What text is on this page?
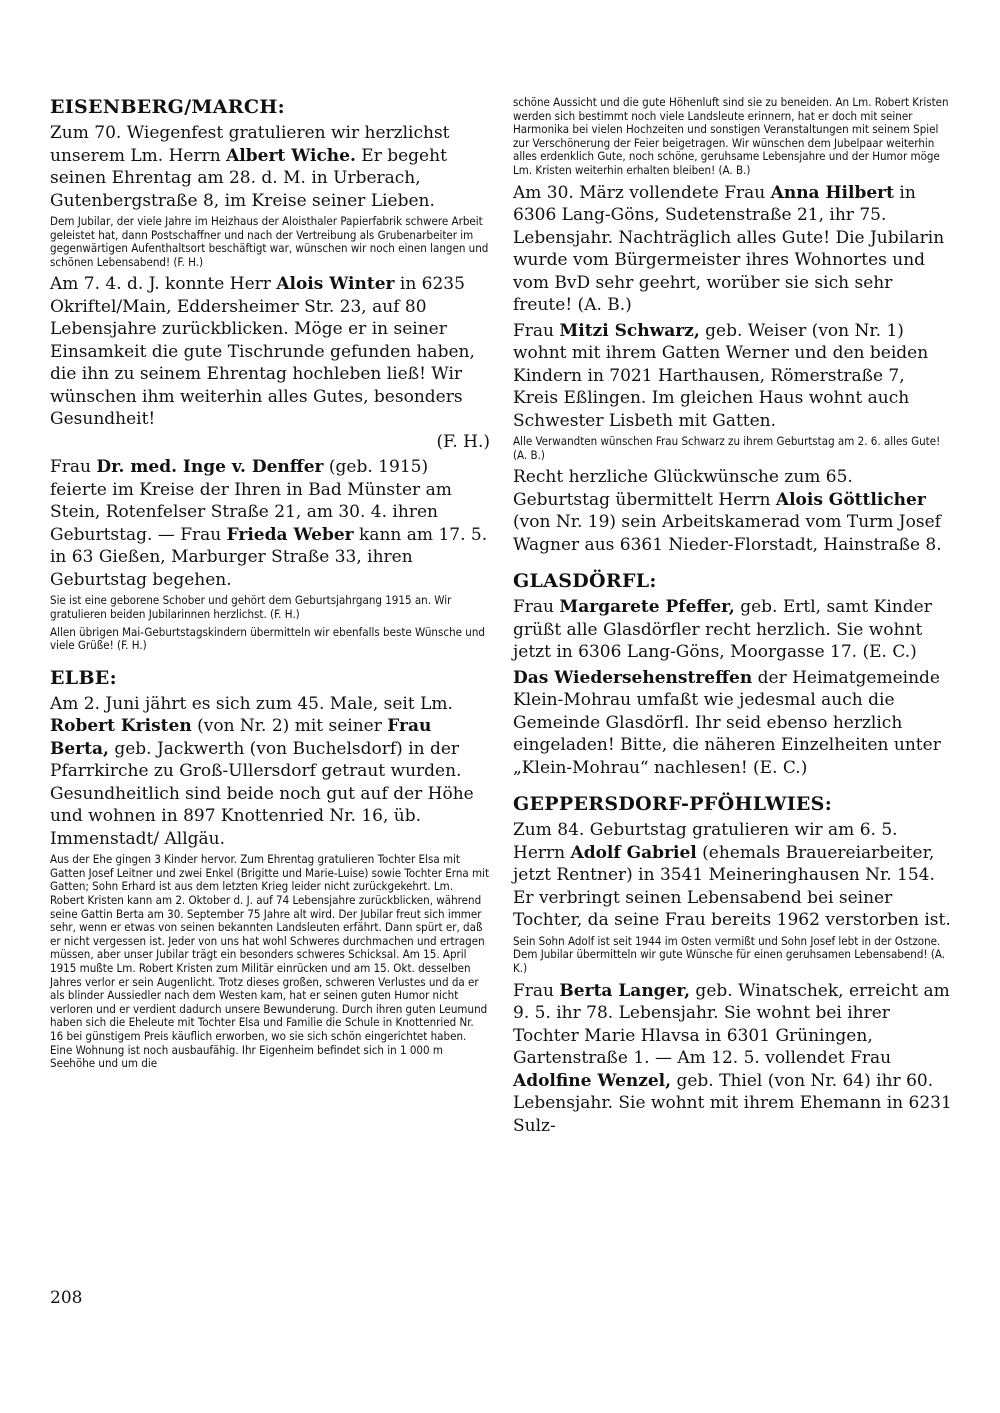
EISENBERG/MARCH:

Zum 70. Wiegenfest gratulieren wir herzlichst unserem Lm. Herrn Albert Wiche. Er begeht seinen Ehrentag am 28. d. M. in Urberach, Gutenbergstraße 8, im Kreise seiner Lieben.

Dem Jubilar, der viele Jahre im Heizhaus der Aloisthaler Papierfabrik schwere Arbeit geleistet hat, dann Postschaffner und nach der Vertreibung als Grubenarbeiter im gegenwärtigen Aufenthaltsort beschäftigt war, wünschen wir noch einen langen und schönen Lebensabend! (F. H.)

Am 7. 4. d. J. konnte Herr Alois Winter in 6235 Okriftel/Main, Eddersheimer Str. 23, auf 80 Lebensjahre zurückblicken. Möge er in seiner Einsamkeit die gute Tischrunde gefunden haben, die ihn zu seinem Ehrentag hochleben ließ! Wir wünschen ihm weiterhin alles Gutes, besonders Gesundheit!
(F. H.)

Frau Dr. med. Inge v. Denffer (geb. 1915) feierte im Kreise der Ihren in Bad Münster am Stein, Rotenfelser Straße 21, am 30. 4. ihren Geburtstag. — Frau Frieda Weber kann am 17. 5. in 63 Gießen, Marburger Straße 33, ihren Geburtstag begehen.

Sie ist eine geborene Schober und gehört dem Geburtsjahrgang 1915 an. Wir gratulieren beiden Jubilarinnen herzlichst. (F. H.)

Allen übrigen Mai-Geburtstagskindern übermitteln wir ebenfalls beste Wünsche und viele Grüße! (F. H.)

ELBE:

Am 2. Juni jährt es sich zum 45. Male, seit Lm. Robert Kristen (von Nr. 2) mit seiner Frau Berta, geb. Jackwerth (von Buchelsdorf) in der Pfarrkirche zu Groß-Ullersdorf getraut wurden. Gesundheitlich sind beide noch gut auf der Höhe und wohnen in 897 Knottenried Nr. 16, üb. Immenstadt/ Allgäu.

Aus der Ehe gingen 3 Kinder hervor. Zum Ehrentag gratulieren Tochter Elsa mit Gatten Josef Leitner und zwei Enkel (Brigitte und Marie-Luise) sowie Tochter Erna mit Gatten; Sohn Erhard ist aus dem letzten Krieg leider nicht zurückgekehrt. Lm. Robert Kristen kann am 2. Oktober d. J. auf 74 Lebensjahre zurückblicken, während seine Gattin Berta am 30. September 75 Jahre alt wird. Der Jubilar freut sich immer sehr, wenn er etwas von seinen bekannten Landsleuten erfährt. Dann spürt er, daß er nicht vergessen ist. Jeder von uns hat wohl Schweres durchmachen und ertragen müssen, aber unser Jubilar trägt ein besonders schweres Schicksal. Am 15. April 1915 mußte Lm. Robert Kristen zum Militär einrücken und am 15. Okt. desselben Jahres verlor er sein Augenlicht. Trotz dieses großen, schweren Verlustes und da er als blinder Aussiedler nach dem Westen kam, hat er seinen guten Humor nicht verloren und er verdient dadurch unsere Bewunderung. Durch ihren guten Leumund haben sich die Eheleute mit Tochter Elsa und Familie die Schule in Knottenried Nr. 16 bei günstigem Preis käuflich erworben, wo sie sich schön eingerichtet haben. Eine Wohnung ist noch ausbaufähig. Ihr Eigenheim befindet sich in 1 000 m Seehöhe und um die

schöne Aussicht und die gute Höhenluft sind sie zu beneiden. An Lm. Robert Kristen werden sich bestimmt noch viele Landsleute erinnern, hat er doch mit seiner Harmonika bei vielen Hochzeiten und sonstigen Veranstaltungen mit seinem Spiel zur Verschönerung der Feier beigetragen. Wir wünschen dem Jubelpaar weiterhin alles erdenklich Gute, noch schöne, geruhsame Lebensjahre und der Humor möge Lm. Kristen weiterhin erhalten bleiben! (A. B.)

Am 30. März vollendete Frau Anna Hilbert in 6306 Lang-Göns, Sudetenstraße 21, ihr 75. Lebensjahr. Nachträglich alles Gute! Die Jubilarin wurde vom Bürgermeister ihres Wohnortes und vom BvD sehr geehrt, worüber sie sich sehr freute! (A. B.)

Frau Mitzi Schwarz, geb. Weiser (von Nr. 1) wohnt mit ihrem Gatten Werner und den beiden Kindern in 7021 Harthausen, Römerstraße 7, Kreis Eßlingen. Im gleichen Haus wohnt auch Schwester Lisbeth mit Gatten.

Alle Verwandten wünschen Frau Schwarz zu ihrem Geburtstag am 2. 6. alles Gute! (A. B.)

Recht herzliche Glückwünsche zum 65. Geburtstag übermittelt Herrn Alois Göttlicher (von Nr. 19) sein Arbeitskamerad vom Turm Josef Wagner aus 6361 Nieder-Florstadt, Hainstraße 8.

GLASDÖRFL:

Frau Margarete Pfeffer, geb. Ertl, samt Kinder grüßt alle Glasdörfler recht herzlich. Sie wohnt jetzt in 6306 Lang-Göns, Moorgasse 17. (E. C.)

Das Wiedersehenstreffen der Heimatgemeinde Klein-Mohrau umfaßt wie jedesmal auch die Gemeinde Glasdörfl. Ihr seid ebenso herzlich eingeladen! Bitte, die näheren Einzelheiten unter „Klein-Mohrau“ nachlesen! (E. C.)

GEPPERSDORF-PFÖHLWIES:

Zum 84. Geburtstag gratulieren wir am 6. 5. Herrn Adolf Gabriel (ehemals Brauereiarbeiter, jetzt Rentner) in 3541 Meineringhausen Nr. 154. Er verbringt seinen Lebensabend bei seiner Tochter, da seine Frau bereits 1962 verstorben ist.

Sein Sohn Adolf ist seit 1944 im Osten vermißt und Sohn Josef lebt in der Ostzone. Dem Jubilar übermitteln wir gute Wünsche für einen geruhsamen Lebensabend! (A. K.)

Frau Berta Langer, geb. Winatschek, erreicht am 9. 5. ihr 78. Lebensjahr. Sie wohnt bei ihrer Tochter Marie Hlavsa in 6301 Grüningen, Gartenstraße 1. — Am 12. 5. vollendet Frau Adolfine Wenzel, geb. Thiel (von Nr. 64) ihr 60. Lebensjahr. Sie wohnt mit ihrem Ehemann in 6231 Sulz-

208
